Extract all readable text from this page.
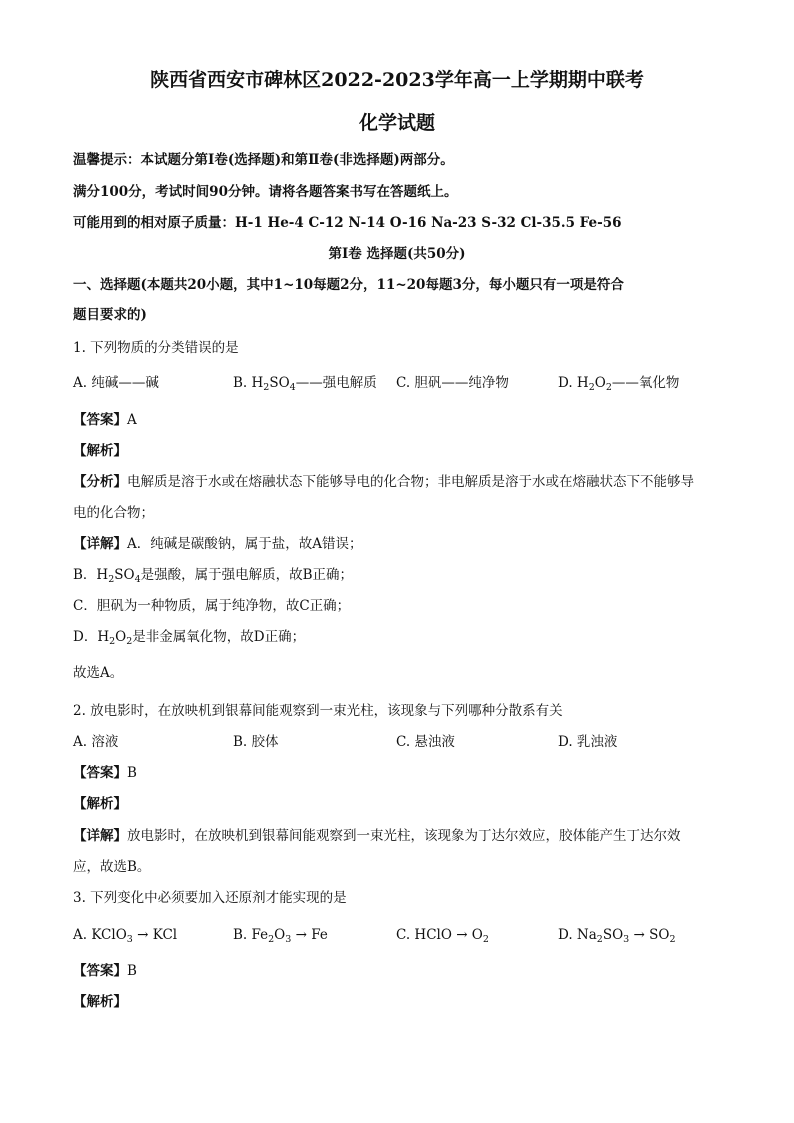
陕西省西安市碑林区2022-2023学年高一上学期期中联考
化学试题
温馨提示：本试题分第Ⅰ卷(选择题)和第Ⅱ卷(非选择题)两部分。
满分100分，考试时间90分钟。请将各题答案书写在答题纸上。
可能用到的相对原子质量：H-1 He-4 C-12 N-14 O-16 Na-23 S-32 Cl-35.5 Fe-56
第Ⅰ卷 选择题(共50分)
一、选择题(本题共20小题，其中1~10每题2分，11~20每题3分，每小题只有一项是符合
题目要求的)
1. 下列物质的分类错误的是
A. 纯碱——碱	B. $H_2SO_4——$强电解质 C. 胆矾——纯净物	D. $H_2O_2——$氧化物
【答案】A
【解析】
【分析】电解质是溶于水或在熔融状态下能够导电的化合物；非电解质是溶于水或在熔融状态下不能够导
电的化合物；
【详解】A．纯碱是碳酸钠，属于盐，故A错误；
B．$H_2SO_4$是强酸，属于强电解质，故B正确；
C．胆矾为一种物质，属于纯净物，故C正确；
D．$H_2O_2$是非金属氧化物，故D正确；
故选A。
2. 放电影时，在放映机到银幕间能观察到一束光柱，该现象与下列哪种分散系有关
A. 溶液	B. 胶体	C. 悬浊液	D. 乳浊液
【答案】B
【解析】
【详解】放电影时，在放映机到银幕间能观察到一束光柱，该现象为丁达尔效应，胶体能产生丁达尔效
应，故选B。
3. 下列变化中必须要加入还原剂才能实现的是
A. KClO$_3$ → KCl	B. $Fe_2O_3 \to Fe$	C. HClO → $O_2$	D. $Na_2SO_3 \to SO_2$
【答案】B
【解析】
